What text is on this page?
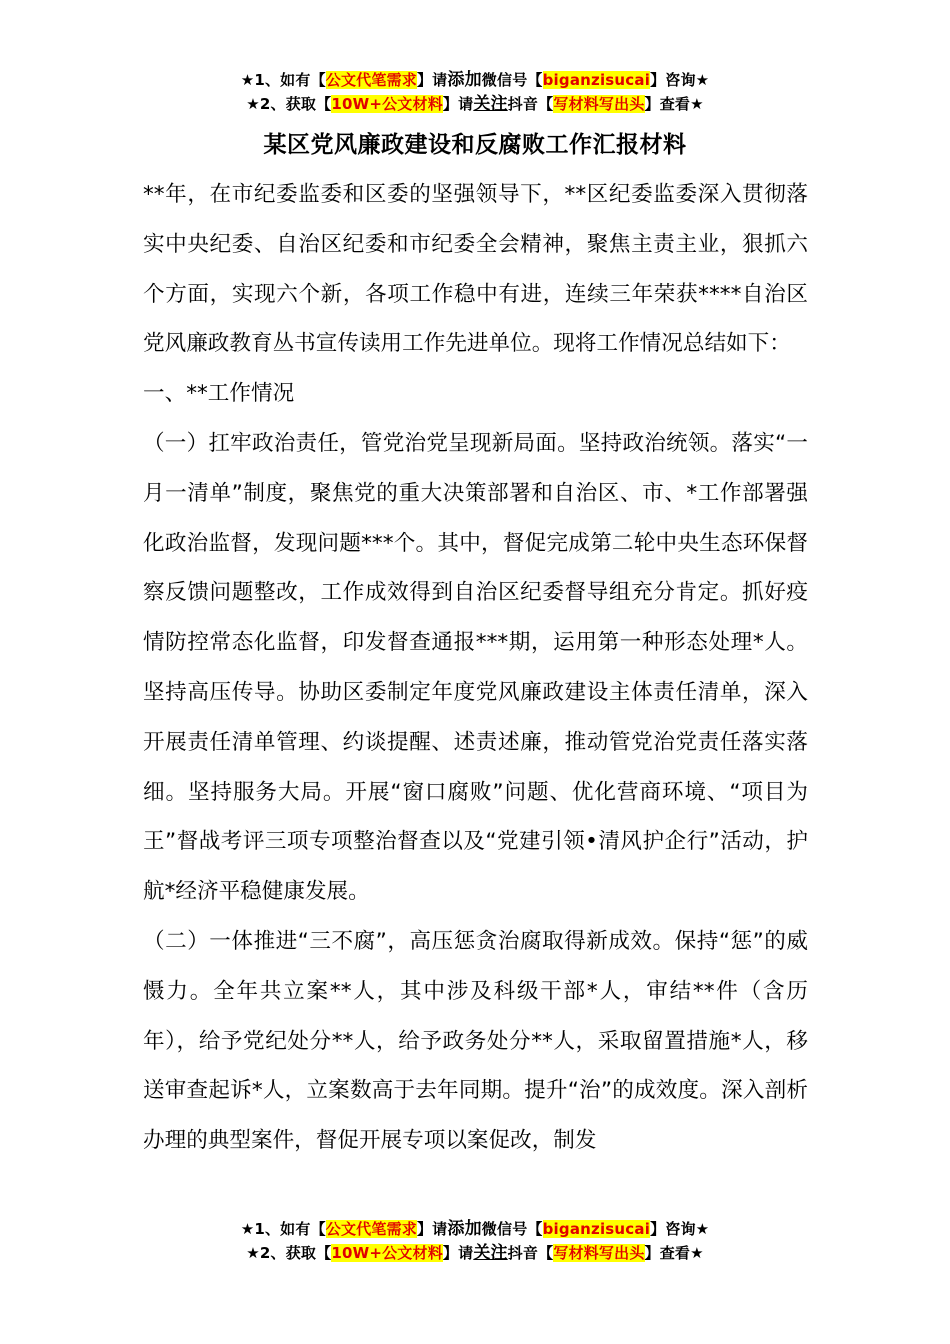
★1、如有【公文代笔需求】请添加微信号【biganzisucai】咨询★
★2、获取【10W+公文材料】请关注抖音【写材料写出头】查看★
某区党风廉政建设和反腐败工作汇报材料

**年，在市纪委监委和区委的坚强领导下，**区纪委监委深入贯彻落实中央纪委、自治区纪委和市纪委全会精神，聚焦主责主业，狠抓六个方面，实现六个新，各项工作稳中有进，连续三年荣获****自治区党风廉政教育丛书宣传读用工作先进单位。现将工作情况总结如下：

一、**工作情况

（一）扛牢政治责任，管党治党呈现新局面。坚持政治统领。落实“一月一清单”制度，聚焦党的重大决策部署和自治区、市、*工作部署强化政治监督，发现问题***个。其中，督促完成第二轮中央生态环保督察反馈问题整改，工作成效得到自治区纪委督导组充分肯定。抓好疫情防控常态化监督，印发督查通报***期，运用第一种形态处理*人。坚持高压传导。协助区委制定年度党风廉政建设主体责任清单，深入开展责任清单管理、约谈提醒、述责述廉，推动管党治党责任落实落细。坚持服务大局。开展“窗口腐败”问题、优化营商环境、“项目为王”督战考评三项专项整治督查以及“党建引领•清风护企行”活动，护航*经济平稳健康发展。

（二）一体推进“三不腐”，高压惩贪治腐取得新成效。保持“惩”的威慑力。全年共立案**人，其中涉及科级干部*人，审结**件（含历年），给予党纪处分**人，给予政务处分**人，采取留置措施*人，移送审查起诉*人，立案数高于去年同期。提升“治”的成效度。深入剖析办理的典型案件，督促开展专项以案促改，制发

★1、如有【公文代笔需求】请添加微信号【biganzisucai】咨询★
★2、获取【10W+公文材料】请关注抖音【写材料写出头】查看★
